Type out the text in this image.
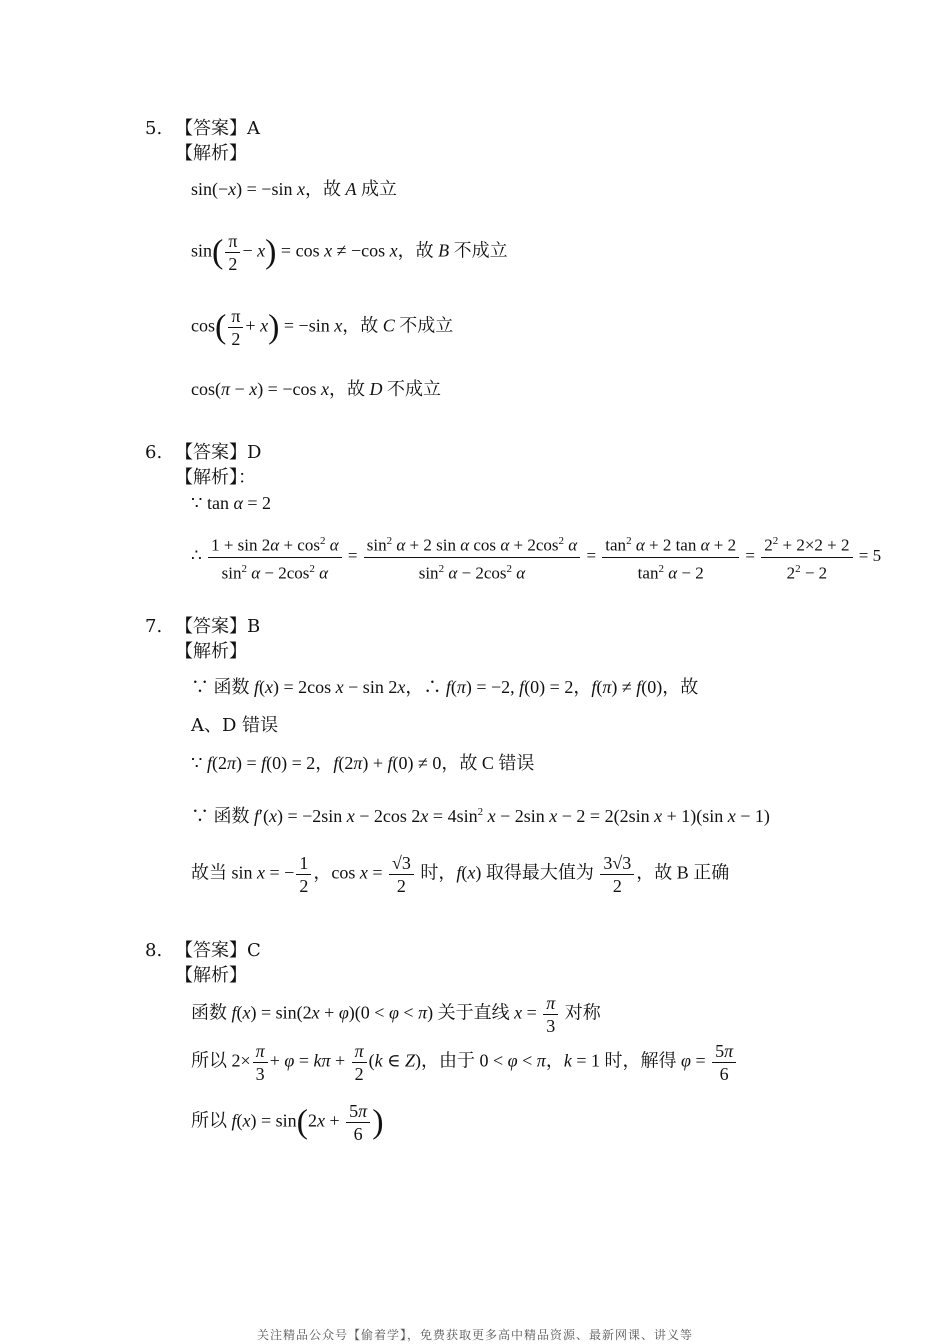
5. 【答案】A
【解析】
sin(−x) = −sin x，故 A 成立
$\sin( \frac{\pi}{2} - x) = \cos x \ne -\cos$ x，故 B 不成立
$\cos( \frac{\pi}{2} + x) = -\sin$ x，故 C 不成立
cos(π − x) = −cos x，故 D 不成立
6. 【答案】D
【解析】：
∵ tan α = 2
∴ $\frac{1 + \sin 2\alpha + \cos^2 \alpha}{\sin^2 \alpha - 2\cos^2 \alpha} = \frac{\sin^2 \alpha + 2 \sin \alpha \cos \alpha + 2\cos^2 \alpha}{\sin^2 \alpha - 2\cos^2 \alpha} = \frac{\tan^2 \alpha + 2 \tan \alpha + 2}{\tan^2 \alpha - 2} = \frac{2^2 + 2\times 2 + 2}{2^2 - 2} = 5$
7. 【答案】B
【解析】
∵ 函数 f(x) = 2cos x − sin 2x，∴ f(π) = −2, f(0) = 2，f(π) ≠ f(0)，故
A、D 错误
∵ f(2π) = f(0) = 2，f(2π) + f(0) ≠ 0，故 C 错误
∵ 函数 f′(x) = −2sin x − 2cos $2x = 4\sin^2$ x − 2sin x − 2 = 2(2sin x + 1)(sin x − 1)
故当 sin x = − $\frac{1}{2}$ ，$\cos x = \frac{√3}{2}$ 时，f(x) 取得最大值为 $\frac{3√3}{2}$ ，故 B 正确
8. 【答案】C
【解析】
函数 f(x) = sin(2x + φ)(0 < φ < π) 关于直线 $x = \frac{\pi}{3}$ 对称
所以 $2\times \frac{\pi}{3} + \varphi = k\pi + \frac{\pi}{2} (k$ ∈ Z)，由于 0 < φ < π，k = 1 时，解得 $\varphi = \frac{5\pi}{6}$
所以 $f(x) = \sin(2x + \frac{5\pi}{6}$ )
关注精品公众号【偷着学】，免费获取更多高中精品资源、最新网课、讲义等
